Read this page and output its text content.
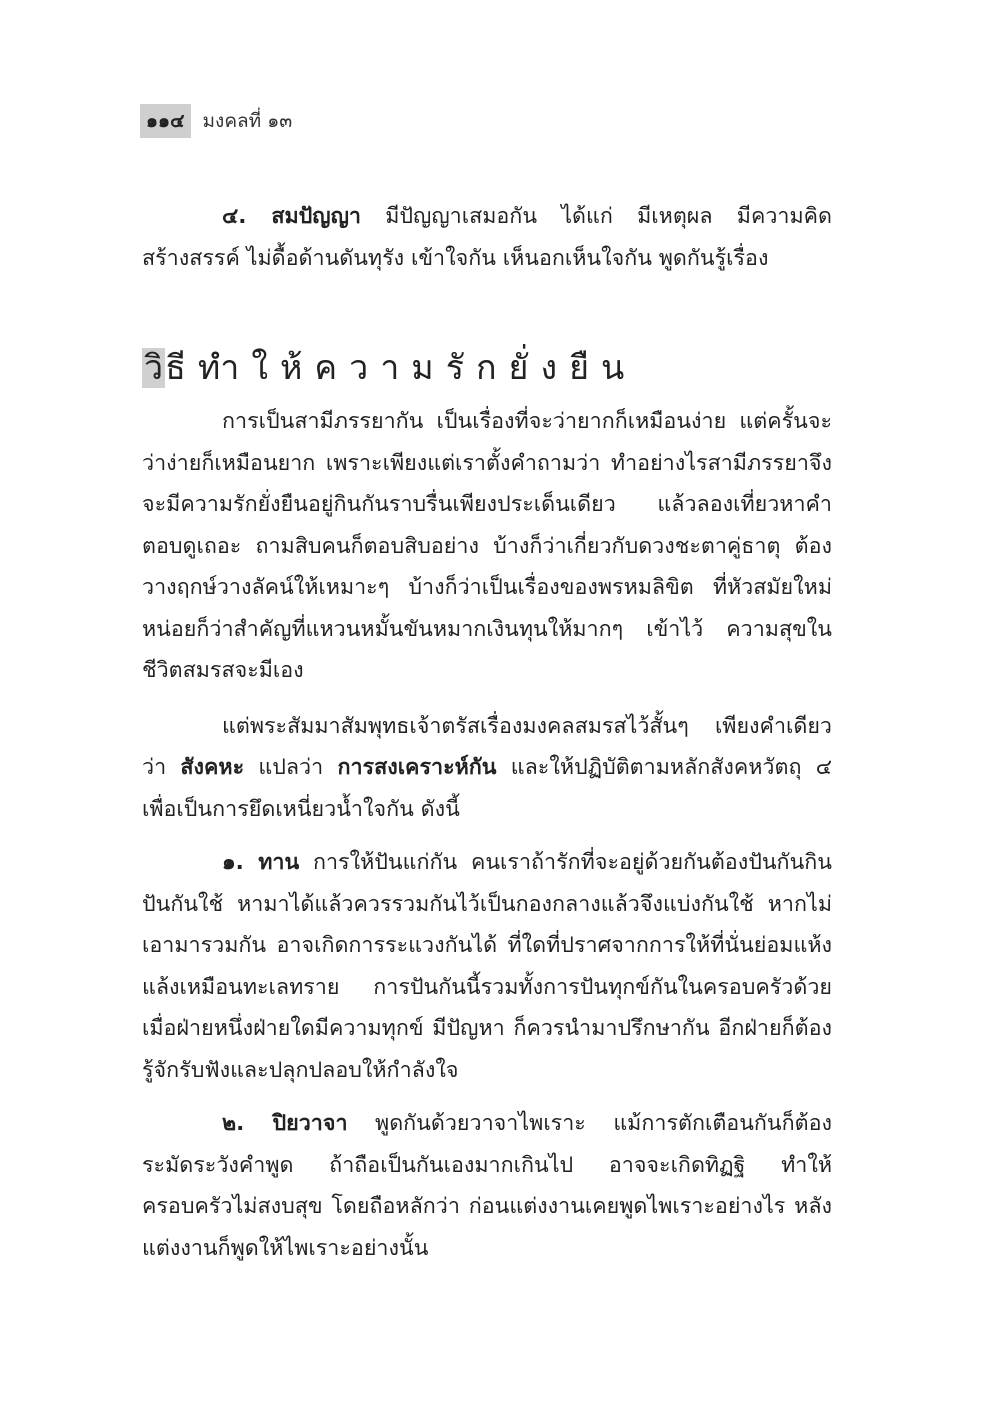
๑๑๔ มงคลที่ ๑๓

๔. สมปัญญา มีปัญญาเสมอกัน ได้แก่ มีเหตุผล มีความคิดสร้างสรรค์ ไม่ดื้อด้านดันทุรัง เข้าใจกัน เห็นอกเห็นใจกัน พูดกันรู้เรื่อง

วิธีทำให้ความรักยั่งยืน

การเป็นสามีภรรยากัน เป็นเรื่องที่จะว่ายากก็เหมือนง่าย แต่ครั้นจะว่าง่ายก็เหมือนยาก เพราะเพียงแต่เราตั้งคำถามว่า ทำอย่างไรสามีภรรยาจึงจะมีความรักยั่งยืนอยู่กินกันราบรื่นเพียงประเด็นเดียว แล้วลองเที่ยวหาคำตอบดูเถอะ ถามสิบคนก็ตอบสิบอย่าง บ้างก็ว่าเกี่ยวกับดวงชะตาคู่ธาตุ ต้องวางฤกษ์วางลัคน์ให้เหมาะๆ บ้างก็ว่าเป็นเรื่องของพรหมลิขิต ที่หัวสมัยใหม่หน่อยก็ว่าสำคัญที่แหวนหมั้นขันหมากเงินทุนให้มากๆ เข้าไว้ ความสุขในชีวิตสมรสจะมีเอง

แต่พระสัมมาสัมพุทธเจ้าตรัสเรื่องมงคลสมรสไว้สั้นๆ เพียงคำเดียวว่า สังคหะ แปลว่า การสงเคราะห์กัน และให้ปฏิบัติตามหลักสังคหวัตถุ ๔ เพื่อเป็นการยึดเหนี่ยวน้ำใจกัน ดังนี้

๑. ทาน การให้ปันแก่กัน คนเราถ้ารักที่จะอยู่ด้วยกันต้องปันกันกินปันกันใช้ หามาได้แล้วควรรวมกันไว้เป็นกองกลางแล้วจึงแบ่งกันใช้ หากไม่เอามารวมกัน อาจเกิดการระแวงกันได้ ที่ใดที่ปราศจากการให้ที่นั่นย่อมแห้งแล้งเหมือนทะเลทราย การปันกันนี้รวมทั้งการปันทุกข์กันในครอบครัวด้วย เมื่อฝ่ายหนึ่งฝ่ายใดมีความทุกข์ มีปัญหา ก็ควรนำมาปรึกษากัน อีกฝ่ายก็ต้องรู้จักรับฟังและปลุกปลอบให้กำลังใจ

๒. ปิยวาจา พูดกันด้วยวาจาไพเราะ แม้การตักเตือนกันก็ต้องระมัดระวังคำพูด ถ้าถือเป็นกันเองมากเกินไป อาจจะเกิดทิฏฐิ ทำให้ครอบครัวไม่สงบสุข โดยถือหลักว่า ก่อนแต่งงานเคยพูดไพเราะอย่างไร หลังแต่งงานก็พูดให้ไพเราะอย่างนั้น
